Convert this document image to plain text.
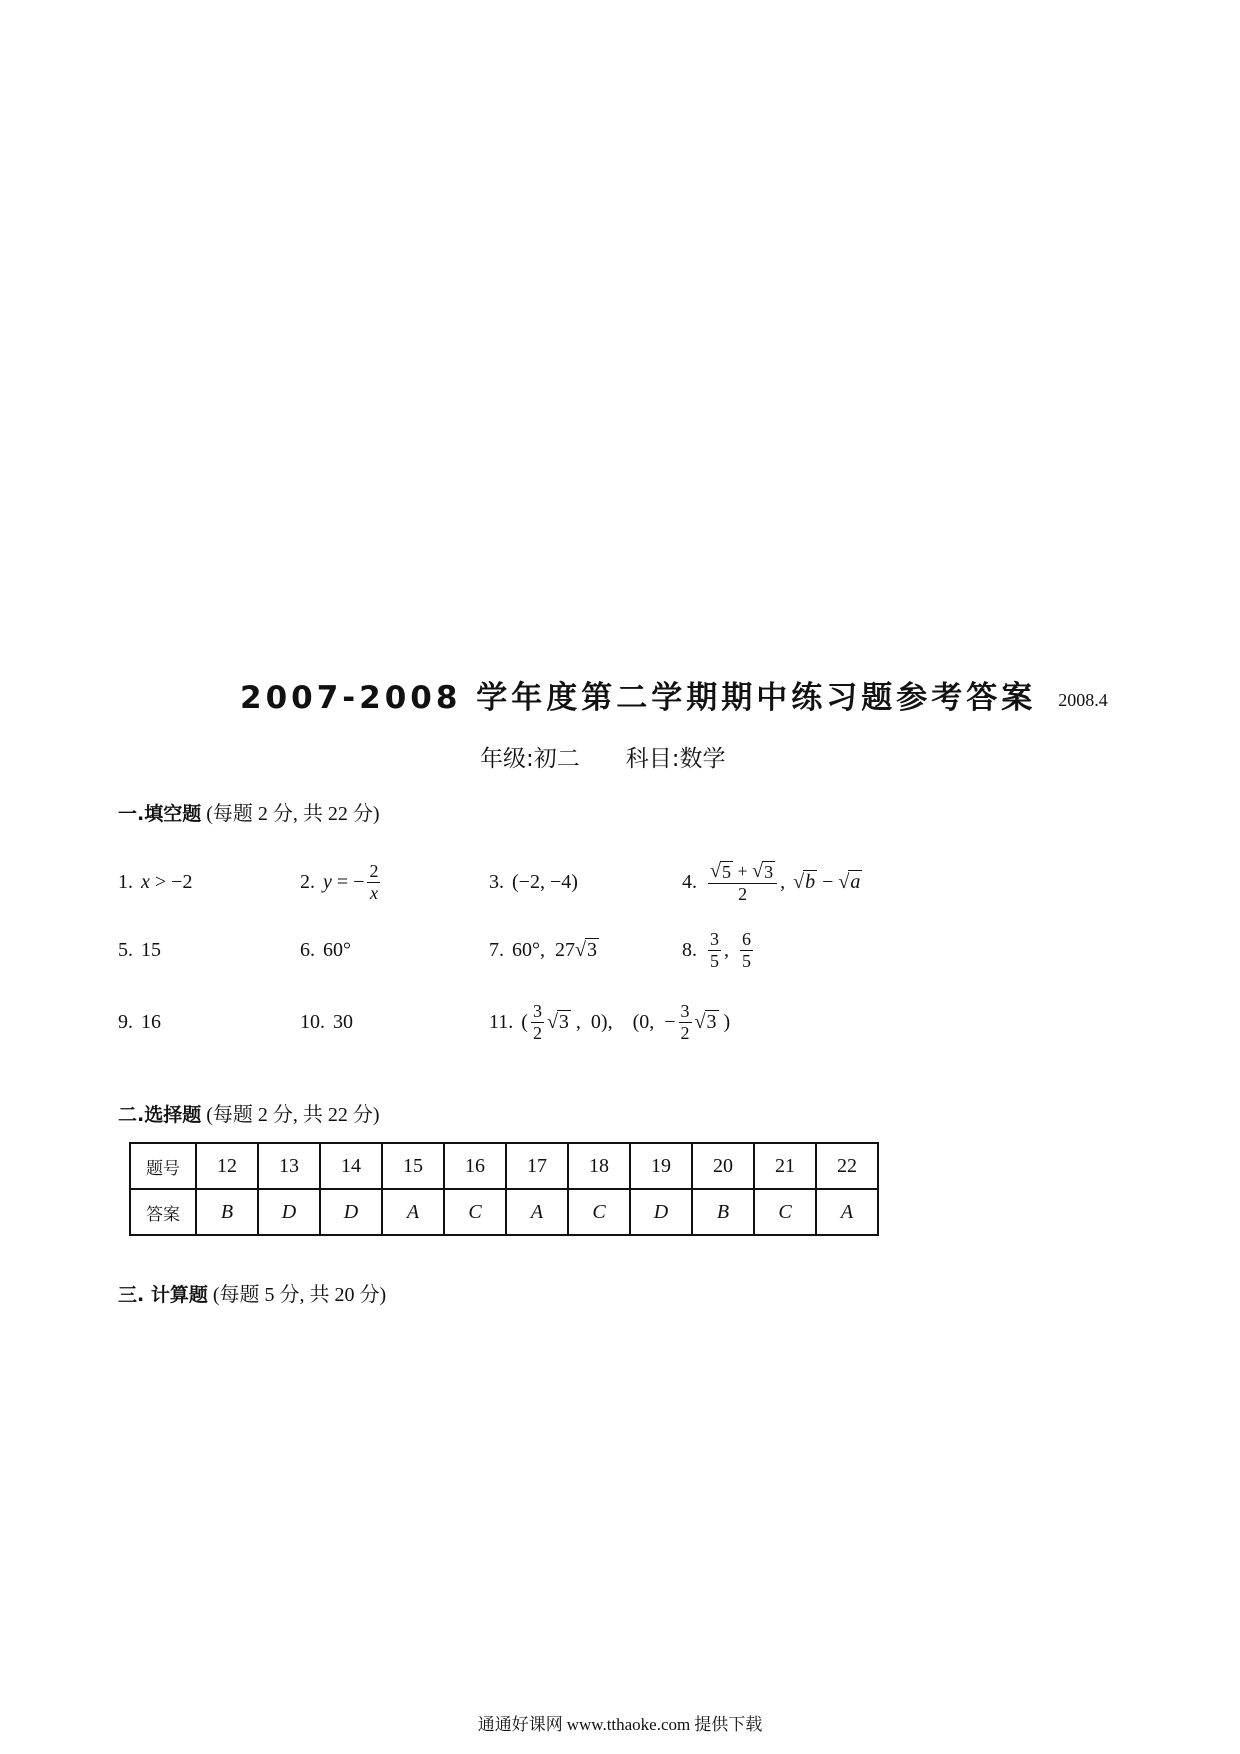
2007-2008 学年度第二学期期中练习题参考答案 2008.4
年级:初二 科目:数学
一.填空题 (每题 2 分, 共 22 分)
1. x > −2	2. y = − $\frac{2}{x}$	3. (−2, −4)	4. $\frac{√ 5 + √ 3}{2}$ , √ b − √ a
5. 15	6. 60°	7. 60°,  27 √ 3	8. $\frac{3}{5}$ , $\frac{6}{5}$
9. 16	10. 30	11. ( $\frac{3}{2}$ √ 3 ,  0),    (0,  − $\frac{3}{2}$ √ 3 )
二.选择题 (每题 2 分, 共 22 分)
题号	12	13	14	15	16	17	18	19	20	21	22
答案	B	D	D	A	C	A	C	D	B	C	A
三. 计算题 (每题 5 分, 共 20 分)
通通好课网 www.tthaoke.com 提供下载
